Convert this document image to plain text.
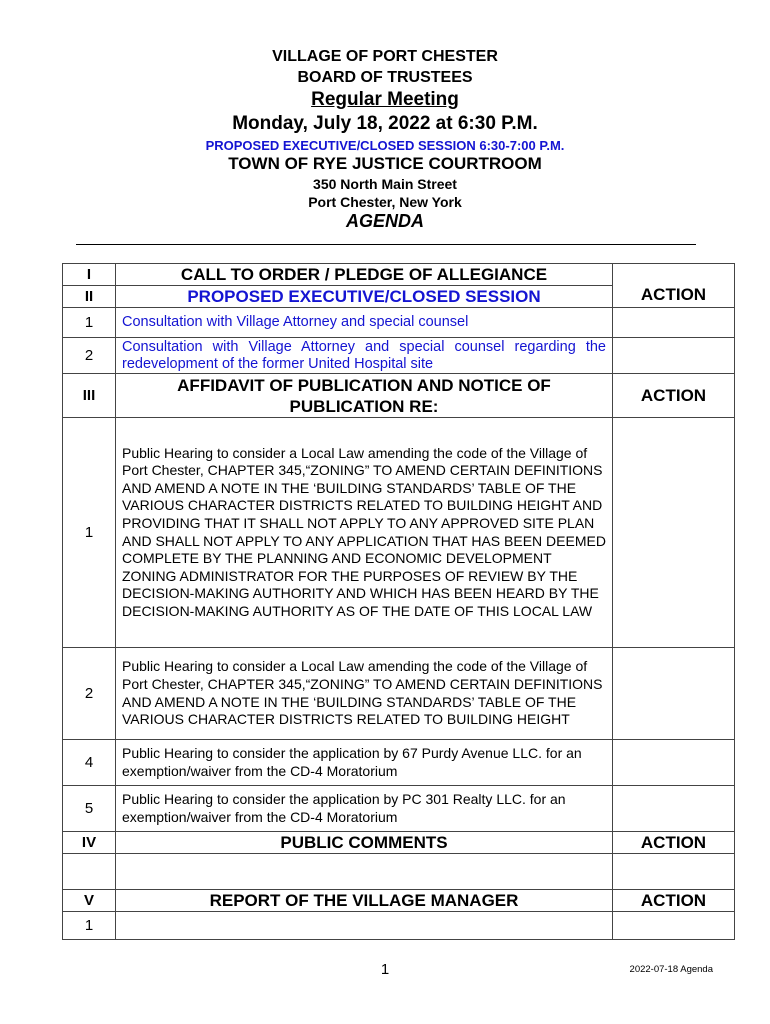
VILLAGE OF PORT CHESTER
BOARD OF TRUSTEES
Regular Meeting
Monday, July 18, 2022 at 6:30 P.M.
PROPOSED EXECUTIVE/CLOSED SESSION 6:30-7:00 P.M.
TOWN OF RYE JUSTICE COURTROOM
350 North Main Street
Port Chester, New York
AGENDA
I	CALL TO ORDER / PLEDGE OF ALLEGIANCE	ACTION
II	PROPOSED EXECUTIVE/CLOSED SESSION	
1	Consultation with Village Attorney and special counsel	
2	Consultation with Village Attorney and special counsel regarding the redevelopment of the former United Hospital site	
III	AFFIDAVIT OF PUBLICATION AND NOTICE OF PUBLICATION RE:	ACTION
1	Public Hearing to consider a Local Law amending the code of the Village of Port Chester, CHAPTER 345,“ZONING” TO AMEND CERTAIN DEFINITIONS AND AMEND A NOTE IN THE ‘BUILDING STANDARDS’ TABLE OF THE VARIOUS CHARACTER DISTRICTS RELATED TO BUILDING HEIGHT AND PROVIDING THAT IT SHALL NOT APPLY TO ANY APPROVED SITE PLAN AND SHALL NOT APPLY TO ANY APPLICATION THAT HAS BEEN DEEMED COMPLETE BY THE PLANNING AND ECONOMIC DEVELOPMENT ZONING ADMINISTRATOR FOR THE PURPOSES OF REVIEW BY THE DECISION-MAKING AUTHORITY AND WHICH HAS BEEN HEARD BY THE DECISION-MAKING AUTHORITY AS OF THE DATE OF THIS LOCAL LAW	
2	Public Hearing to consider a Local Law amending the code of the Village of Port Chester, CHAPTER 345,“ZONING” TO AMEND CERTAIN DEFINITIONS AND AMEND A NOTE IN THE ‘BUILDING STANDARDS’ TABLE OF THE VARIOUS CHARACTER DISTRICTS RELATED TO BUILDING HEIGHT	
4	Public Hearing to consider the application by 67 Purdy Avenue LLC. for an exemption/waiver from the CD-4 Moratorium	
5	Public Hearing to consider the application by PC 301 Realty LLC. for an exemption/waiver from the CD-4 Moratorium	
IV	PUBLIC COMMENTS	ACTION

V	REPORT OF THE VILLAGE MANAGER	ACTION
1		
1	2022-07-18 Agenda
